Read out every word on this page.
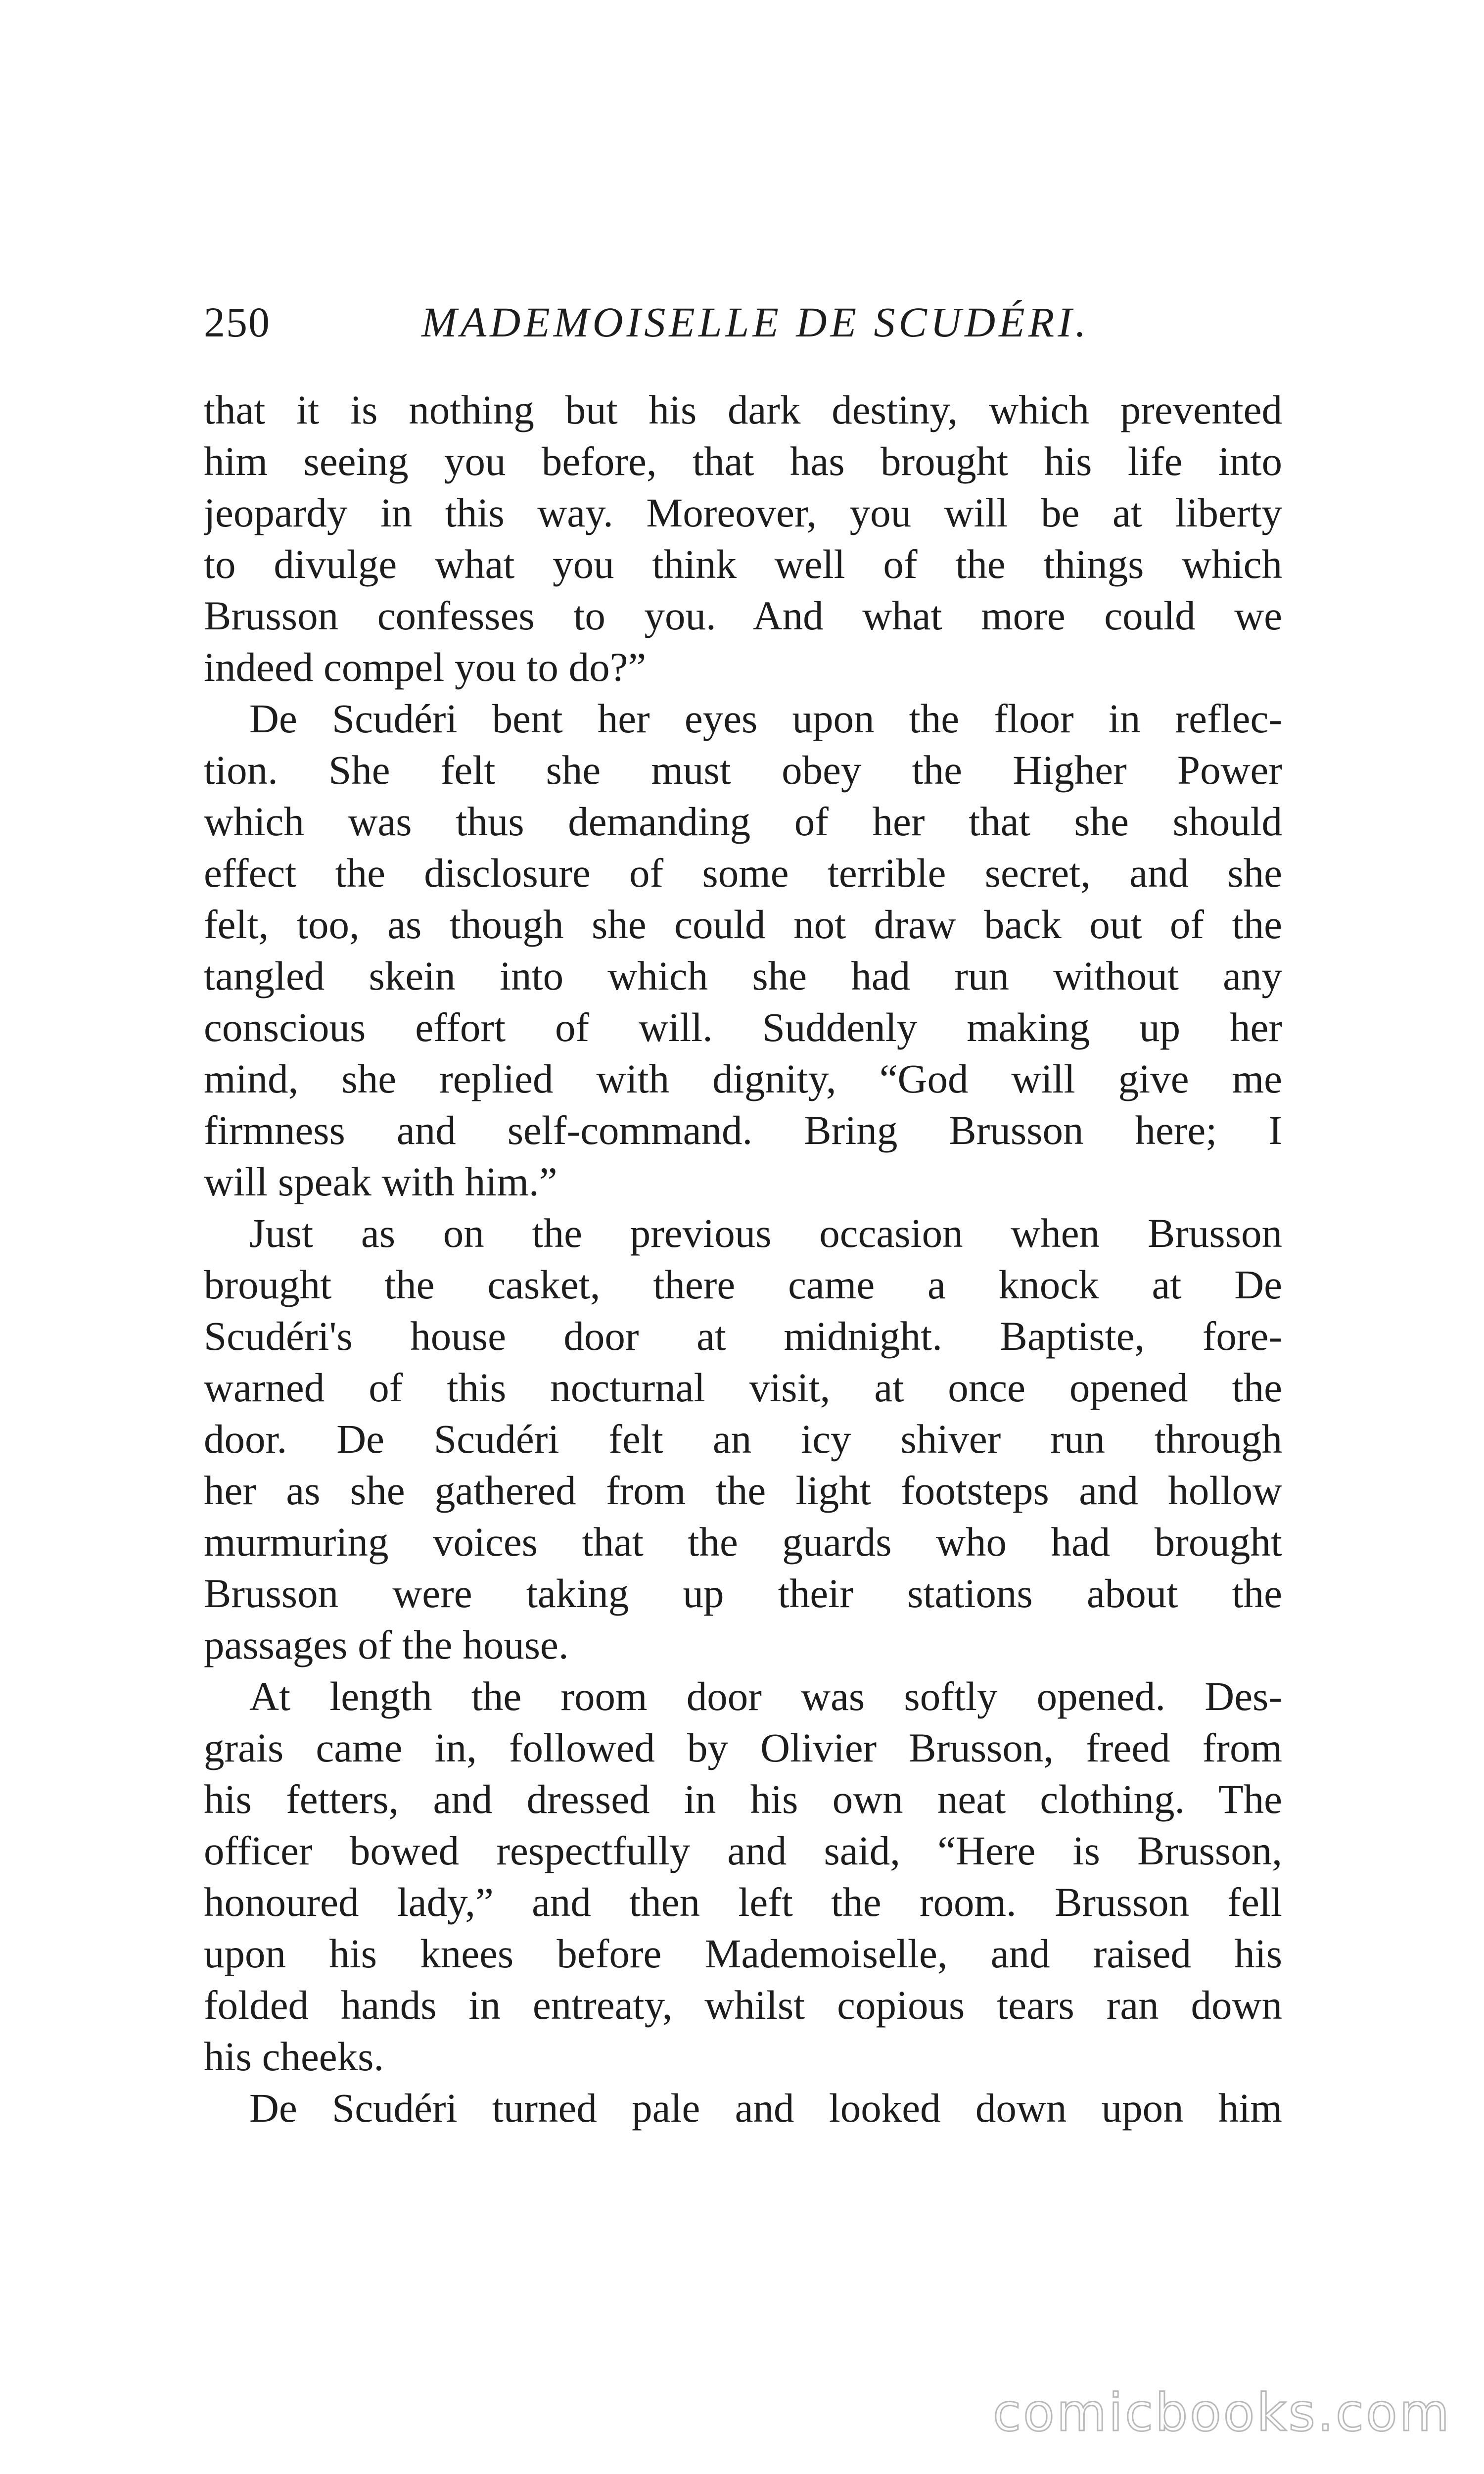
250	MADEMOISELLE DE SCUDÉRI.

that it is nothing but his dark destiny, which prevented
him seeing you before, that has brought his life into
jeopardy in this way. Moreover, you will be at liberty
to divulge what you think well of the things which
Brusson confesses to you. And what more could we
indeed compel you to do?”

De Scudéri bent her eyes upon the floor in reflec-
tion. She felt she must obey the Higher Power
which was thus demanding of her that she should
effect the disclosure of some terrible secret, and she
felt, too, as though she could not draw back out of the
tangled skein into which she had run without any
conscious effort of will. Suddenly making up her
mind, she replied with dignity, “God will give me
firmness and self-command. Bring Brusson here; I
will speak with him.”

Just as on the previous occasion when Brusson
brought the casket, there came a knock at De
Scudéri's house door at midnight. Baptiste, fore-
warned of this nocturnal visit, at once opened the
door. De Scudéri felt an icy shiver run through
her as she gathered from the light footsteps and hollow
murmuring voices that the guards who had brought
Brusson were taking up their stations about the
passages of the house.

At length the room door was softly opened. Des-
grais came in, followed by Olivier Brusson, freed from
his fetters, and dressed in his own neat clothing. The
officer bowed respectfully and said, “Here is Brusson,
honoured lady,” and then left the room. Brusson fell
upon his knees before Mademoiselle, and raised his
folded hands in entreaty, whilst copious tears ran down
his cheeks.

De Scudéri turned pale and looked down upon him

comicbooks.com
